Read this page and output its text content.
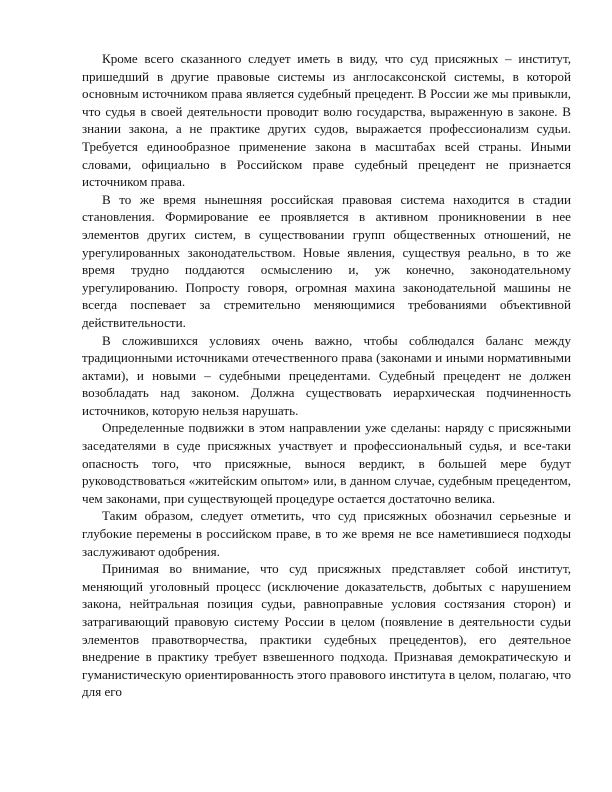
Кроме всего сказанного следует иметь в виду, что суд присяжных – институт, пришедший в другие правовые системы из англосаксонской системы, в которой основным источником права является судебный прецедент. В России же мы привыкли, что судья в своей деятельности проводит волю государства, выраженную в законе. В знании закона, а не практике других судов, выражается профессионализм судьи. Требуется единообразное применение закона в масштабах всей страны. Иными словами, официально в Российском праве судебный прецедент не признается источником права.

В то же время нынешняя российская правовая система находится в стадии становления. Формирование ее проявляется в активном проникновении в нее элементов других систем, в существовании групп общественных отношений, не урегулированных законодательством. Новые явления, существуя реально, в то же время трудно поддаются осмыслению и, уж конечно, законодательному урегулированию. Попросту говоря, огромная махина законодательной машины не всегда поспевает за стремительно меняющимися требованиями объективной действительности.

В сложившихся условиях очень важно, чтобы соблюдался баланс между традиционными источниками отечественного права (законами и иными нормативными актами), и новыми – судебными прецедентами. Судебный прецедент не должен возобладать над законом. Должна существовать иерархическая подчиненность источников, которую нельзя нарушать.

Определенные подвижки в этом направлении уже сделаны: наряду с присяжными заседателями в суде присяжных участвует и профессиональный судья, и все-таки опасность того, что присяжные, вынося вердикт, в большей мере будут руководствоваться «житейским опытом» или, в данном случае, судебным прецедентом, чем законами, при существующей процедуре остается достаточно велика.

Таким образом, следует отметить, что суд присяжных обозначил серьезные и глубокие перемены в российском праве, в то же время не все наметившиеся подходы заслуживают одобрения.

Принимая во внимание, что суд присяжных представляет собой институт, меняющий уголовный процесс (исключение доказательств, добытых с нарушением закона, нейтральная позиция судьи, равноправные условия состязания сторон) и затрагивающий правовую систему России в целом (появление в деятельности судьи элементов правотворчества, практики судебных прецедентов), его деятельное внедрение в практику требует взвешенного подхода. Признавая демократическую и гуманистическую ориентированность этого правового института в целом, полагаю, что для его
